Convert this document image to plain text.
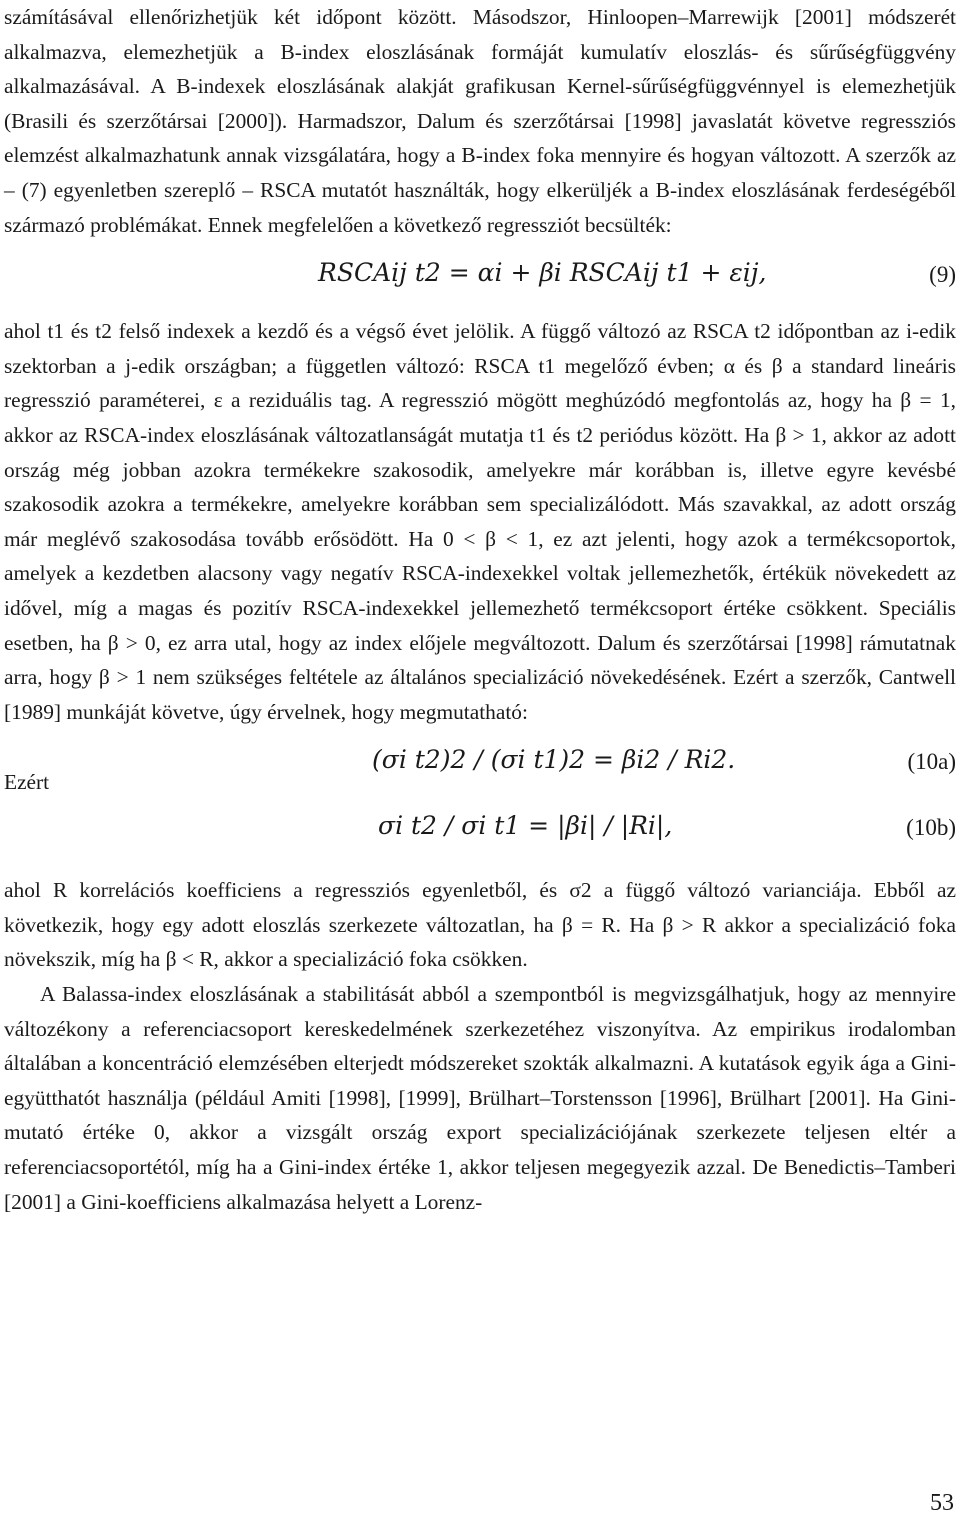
számításával ellenőrizhetjük két időpont között. Másodszor, Hinloopen–Marrewijk [2001] módszerét alkalmazva, elemezhetjük a B-index eloszlásának formáját kumulatív eloszlás- és sűrűségfüggvény alkalmazásával. A B-indexek eloszlásának alakját grafikusan Kernel-sűrűségfüggvénnyel is elemezhetjük (Brasili és szerzőtársai [2000]). Harmadszor, Dalum és szerzőtársai [1998] javaslatát követve regressziós elemzést alkalmazhatunk annak vizsgálatára, hogy a B-index foka mennyire és hogyan változott. A szerzők az – (7) egyenletben szereplő – RSCA mutatót használták, hogy elkerüljék a B-index eloszlásának ferdeségéből származó problémákat. Ennek megfelelően a következő regressziót becsülték:

RSCAij t2 = αi + βi RSCAij t1 + εij,	(9)

ahol t1 és t2 felső indexek a kezdő és a végső évet jelölik. A függő változó az RSCA t2 időpontban az i-edik szektorban a j-edik országban; a független változó: RSCA t1 megelőző évben; α és β a standard lineáris regresszió paraméterei, ε a reziduális tag. A regresszió mögött meghúzódó megfontolás az, hogy ha β = 1, akkor az RSCA-index eloszlásának változatlanságát mutatja t1 és t2 periódus között. Ha β > 1, akkor az adott ország még jobban azokra termékekre szakosodik, amelyekre már korábban is, illetve egyre kevésbé szakosodik azokra a termékekre, amelyekre korábban sem specializálódott. Más szavakkal, az adott ország már meglévő szakosodása tovább erősödött. Ha 0 < β < 1, ez azt jelenti, hogy azok a termékcsoportok, amelyek a kezdetben alacsony vagy negatív RSCA-indexekkel voltak jellemezhetők, értékük növekedett az idővel, míg a magas és pozitív RSCA-indexekkel jellemezhető termékcsoport értéke csökkent. Speciális esetben, ha β > 0, ez arra utal, hogy az index előjele megváltozott. Dalum és szerzőtársai [1998] rámutatnak arra, hogy β > 1 nem szükséges feltétele az általános specializáció növekedésének. Ezért a szerzők, Cantwell [1989] munkáját követve, úgy érvelnek, hogy megmutatható:

(σi t2)2 / (σi t1)2 = βi2 / Ri2.	(10a)
Ezért
σi t2 / σi t1 = |βi| / |Ri|,	(10b)

ahol R korrelációs koefficiens a regressziós egyenletből, és σ2 a függő változó varianciája. Ebből az következik, hogy egy adott eloszlás szerkezete változatlan, ha β = R. Ha β > R akkor a specializáció foka növekszik, míg ha β < R, akkor a specializáció foka csökken.

A Balassa-index eloszlásának a stabilitását abból a szempontból is megvizsgálhatjuk, hogy az mennyire változékony a referenciacsoport kereskedelmének szerkezetéhez viszonyítva. Az empirikus irodalomban általában a koncentráció elemzésében elterjedt módszereket szokták alkalmazni. A kutatások egyik ága a Gini-együtthatót használja (például Amiti [1998], [1999], Brülhart–Torstensson [1996], Brülhart [2001]. Ha Gini-mutató értéke 0, akkor a vizsgált ország export specializációjának szerkezete teljesen eltér a referenciacsoportétól, míg ha a Gini-index értéke 1, akkor teljesen megegyezik azzal. De Benedictis–Tamberi [2001] a Gini-koefficiens alkalmazása helyett a Lorenz-

53
